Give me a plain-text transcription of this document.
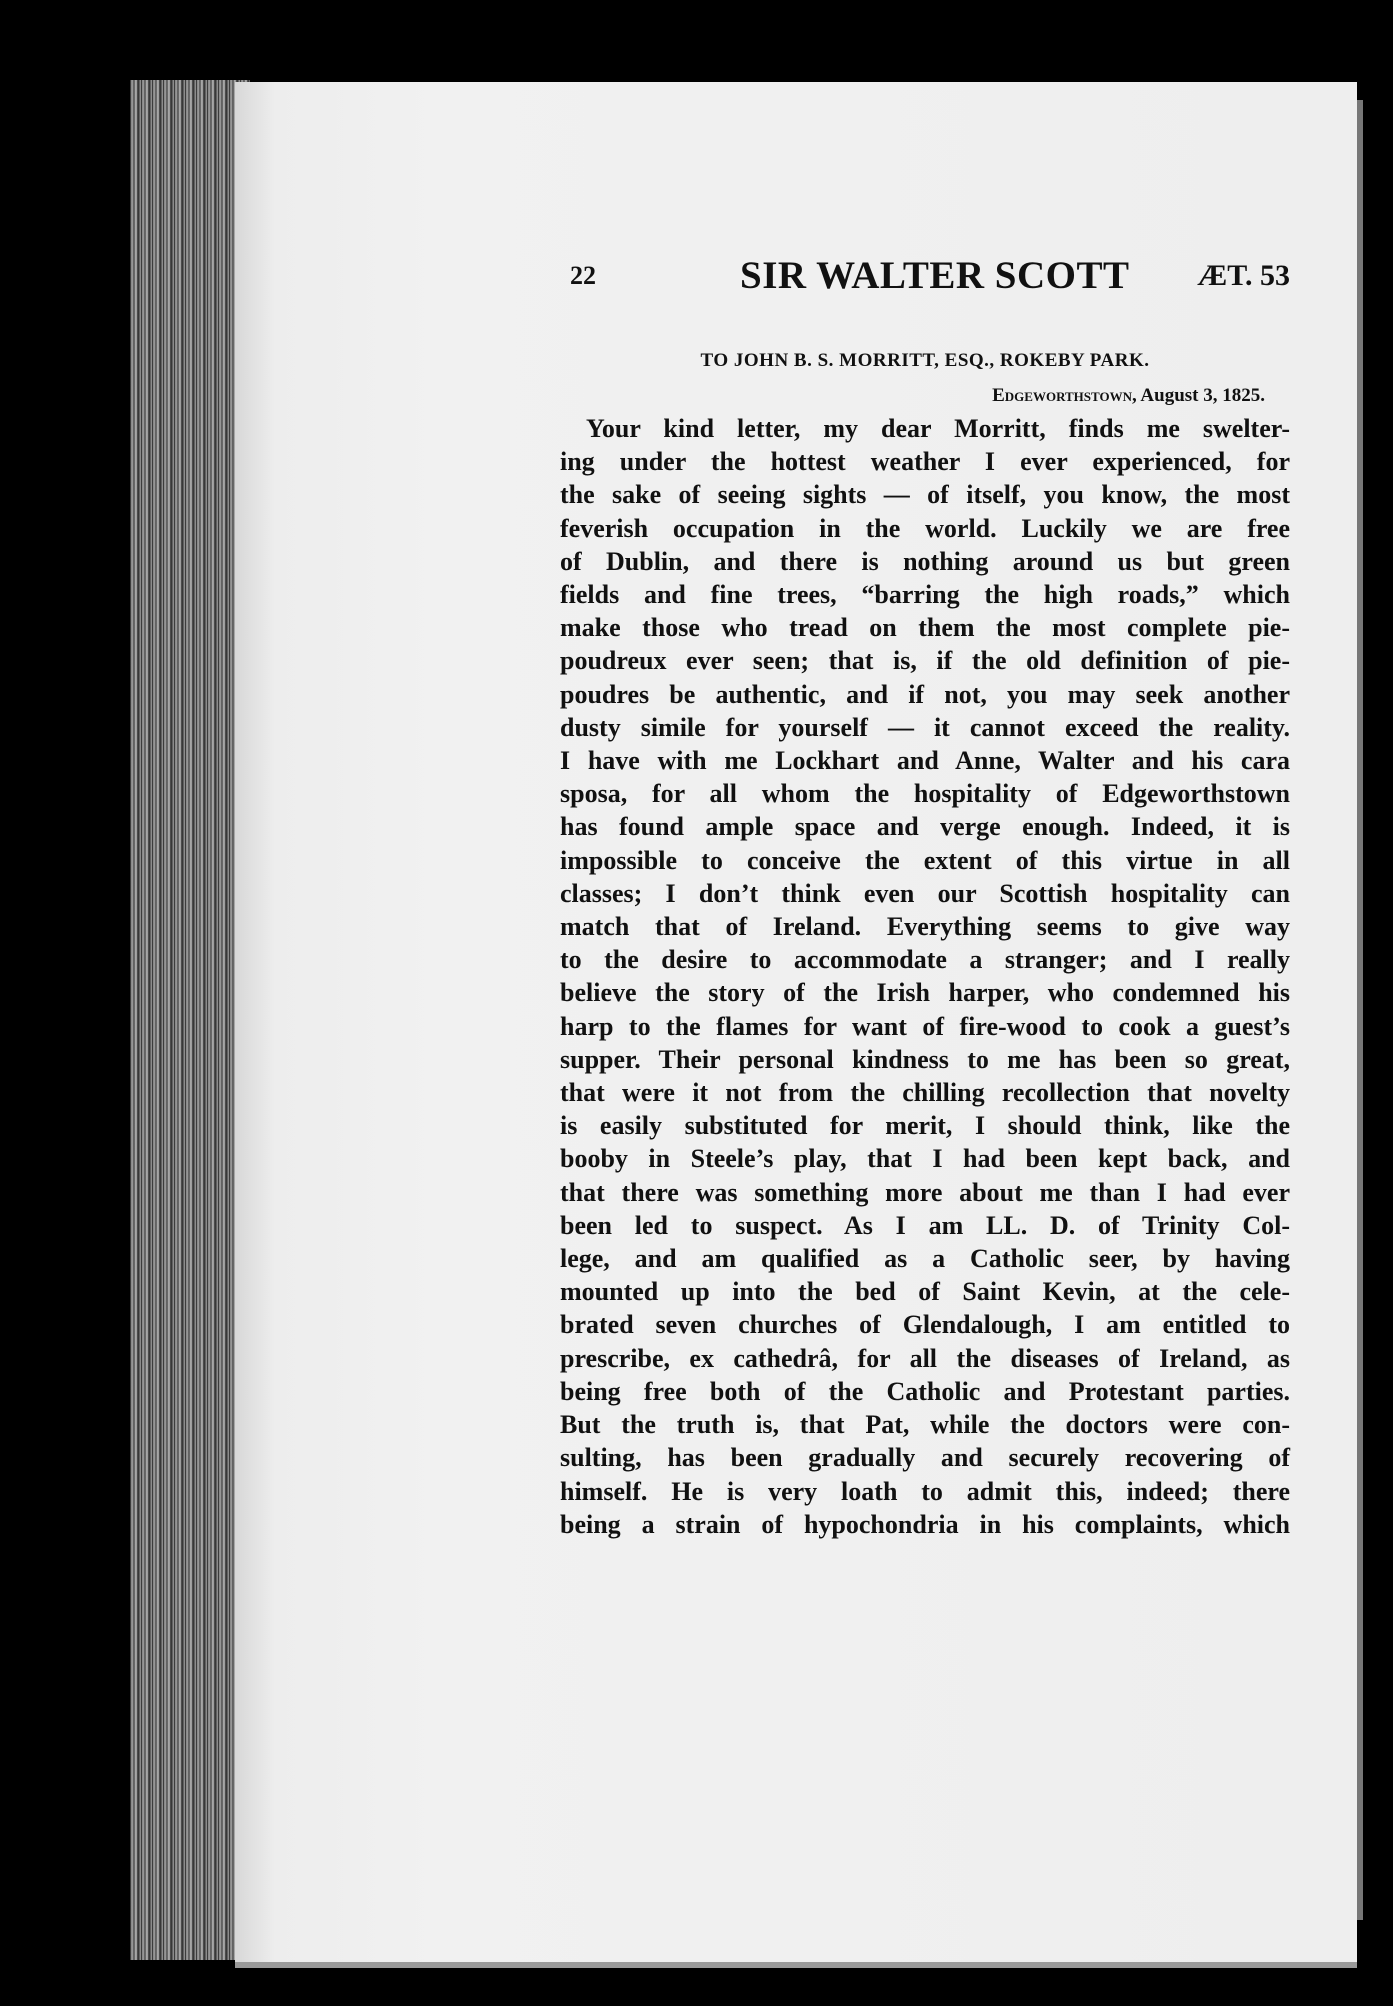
22	SIR WALTER SCOTT ÆT. 53
TO JOHN B. S. MORRITT, ESQ., ROKEBY PARK.
Edgeworthstown, August 3, 1825.
Your kind letter, my dear Morritt, finds me swelter-
ing under the hottest weather I ever experienced, for
the sake of seeing sights — of itself, you know, the most
feverish occupation in the world. Luckily we are free
of Dublin, and there is nothing around us but green
fields and fine trees, “barring the high roads,” which
make those who tread on them the most complete pie-
poudreux ever seen; that is, if the old definition of pie-
poudres be authentic, and if not, you may seek another
dusty simile for yourself — it cannot exceed the reality.
I have with me Lockhart and Anne, Walter and his cara
sposa, for all whom the hospitality of Edgeworthstown
has found ample space and verge enough. Indeed, it is
impossible to conceive the extent of this virtue in all
classes; I don’t think even our Scottish hospitality can
match that of Ireland. Everything seems to give way
to the desire to accommodate a stranger; and I really
believe the story of the Irish harper, who condemned his
harp to the flames for want of fire-wood to cook a guest’s
supper. Their personal kindness to me has been so great,
that were it not from the chilling recollection that novelty
is easily substituted for merit, I should think, like the
booby in Steele’s play, that I had been kept back, and
that there was something more about me than I had ever
been led to suspect. As I am LL. D. of Trinity Col-
lege, and am qualified as a Catholic seer, by having
mounted up into the bed of Saint Kevin, at the cele-
brated seven churches of Glendalough, I am entitled to
prescribe, ex cathedrâ, for all the diseases of Ireland, as
being free both of the Catholic and Protestant parties.
But the truth is, that Pat, while the doctors were con-
sulting, has been gradually and securely recovering of
himself. He is very loath to admit this, indeed; there
being a strain of hypochondria in his complaints, which
